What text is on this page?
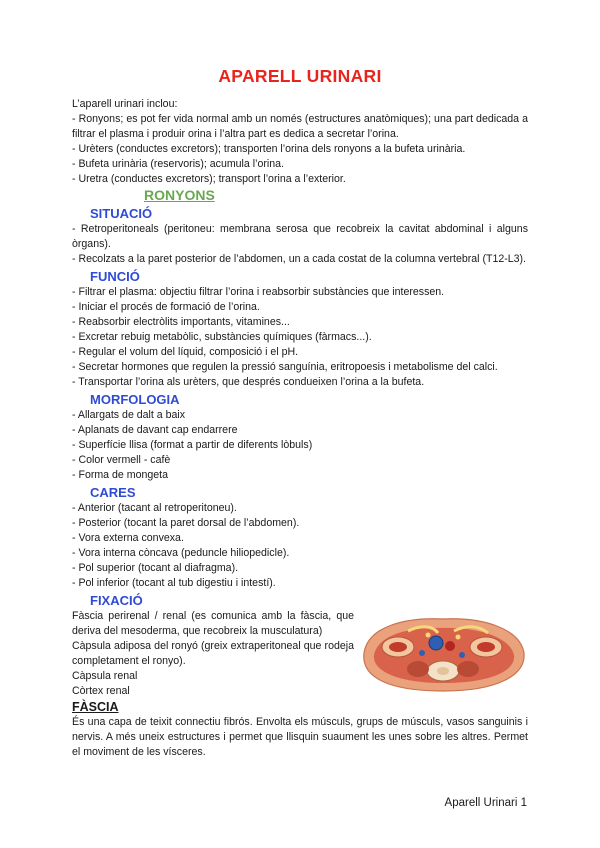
APARELL URINARI

L’aparell urinari inclou:

- Ronyons; es pot fer vida normal amb un només (estructures anatòmiques); una part dedicada a filtrar el plasma i produir orina i l’altra part es dedica a secretar l’orina.

- Urèters (conductes excretors); transporten l’orina dels ronyons a la bufeta urinària.

- Bufeta urinària (reservoris); acumula l’orina.

- Uretra (conductes excretors); transport l’orina a l’exterior.

RONYONS
SITUACIÓ

- Retroperitoneals (peritoneu: membrana serosa que recobreix la cavitat abdominal i alguns òrgans).

- Recolzats a la paret posterior de l’abdomen, un a cada costat de la columna vertebral (T12-L3).

FUNCIÓ

- Filtrar el plasma: objectiu filtrar l’orina i reabsorbir substàncies que interessen.

- Iniciar el procés de formació de l’orina.

- Reabsorbir electròlits importants, vitamines...

- Excretar rebuig metabòlic, substàncies químiques (fàrmacs...).

- Regular el volum del líquid, composició i el pH.

- Secretar hormones que regulen la pressió sanguínia, eritropoesis i metabolisme del calci.

- Transportar l’orina als urèters, que després condueixen l’orina a la bufeta.

MORFOLOGIA

- Allargats de dalt a baix

- Aplanats de davant cap endarrere

- Superfície llisa (format a partir de diferents lòbuls)

- Color vermell - cafè

- Forma de mongeta

CARES

- Anterior (tacant al retroperitoneu).

- Posterior (tocant la paret dorsal de l’abdomen).

- Vora externa convexa.

- Vora interna còncava (peduncle hiliopedicle).

- Pol superior (tocant al diafragma).

- Pol inferior (tocant al tub digestiu i intestí).

FIXACIÓ

Fàscia perirenal / renal (es comunica amb la fàscia, que deriva del mesoderma, que recobreix la musculatura)

Càpsula adiposa del ronyó (greix extraperitoneal que rodeja completament el ronyo).

Càpsula renal

Còrtex renal

FÀSCIA

És una capa de teixit connectiu fibrós. Envolta els músculs, grups de músculs, vasos sanguinis i nervis. A més uneix estructures i permet que llisquin suaument les unes sobre les altres. Permet el moviment de les vísceres.

Aparell Urinari 1
